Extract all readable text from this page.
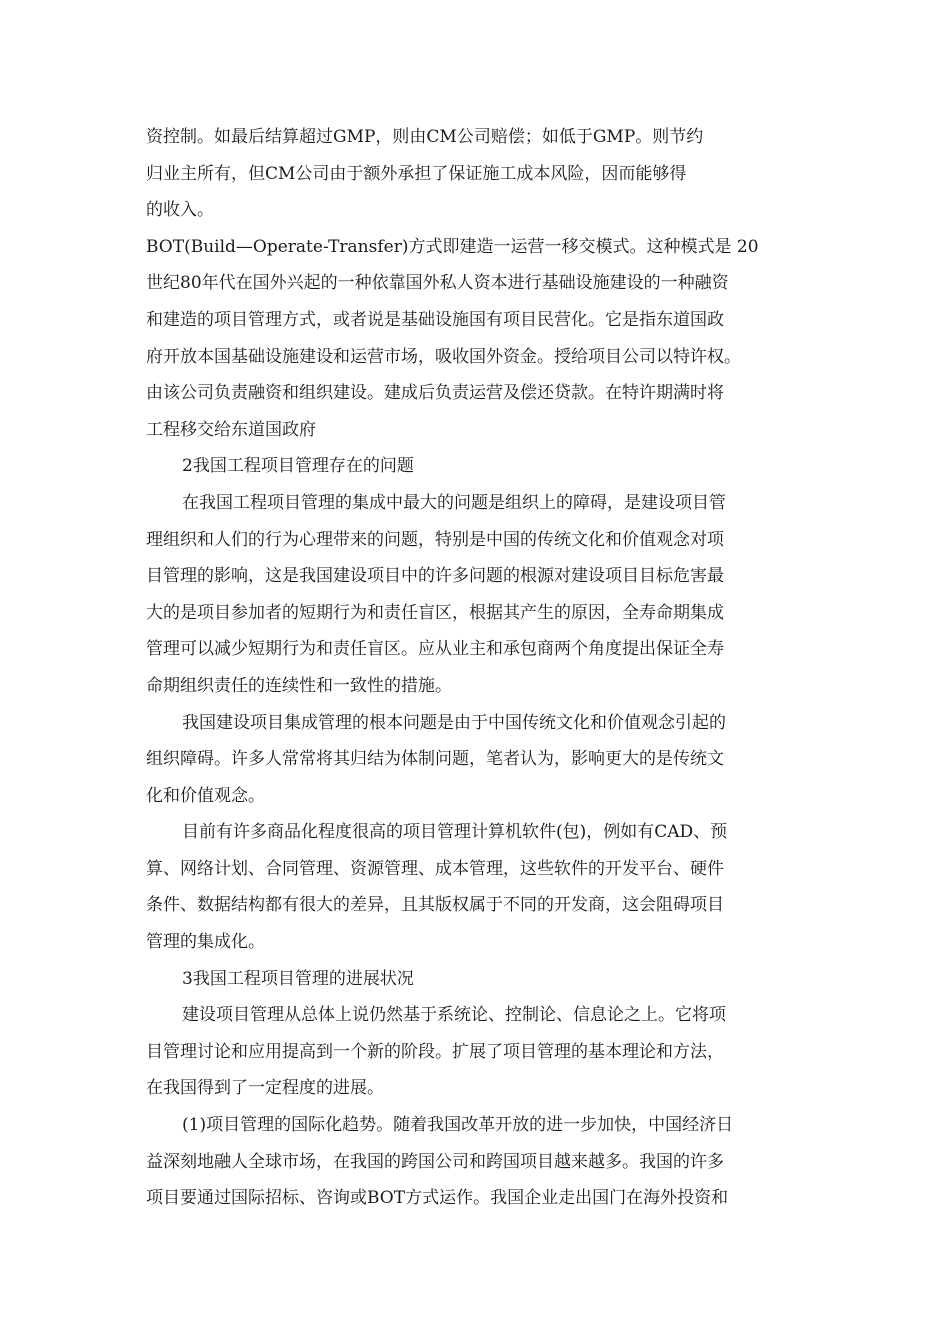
资控制。如最后结算超过GMP，则由CM公司赔偿；如低于GMP。则节约
归业主所有，但CM公司由于额外承担了保证施工成本风险，因而能够得
的收入。
BOT(Build—Operate-Transfer)方式即建造一运营一移交模式。这种模式是 20
世纪80年代在国外兴起的一种依靠国外私人资本进行基础设施建设的一种融资
和建造的项目管理方式，或者说是基础设施国有项目民营化。它是指东道国政
府开放本国基础设施建设和运营市场，吸收国外资金。授给项目公司以特许权。
由该公司负责融资和组织建设。建成后负责运营及偿还贷款。在特许期满时将
工程移交给东道国政府
2我国工程项目管理存在的问题
在我国工程项目管理的集成中最大的问题是组织上的障碍，是建设项目管
理组织和人们的行为心理带来的问题，特别是中国的传统文化和价值观念对项
目管理的影响，这是我国建设项目中的许多问题的根源对建设项目目标危害最
大的是项目参加者的短期行为和责任盲区，根据其产生的原因，全寿命期集成
管理可以减少短期行为和责任盲区。应从业主和承包商两个角度提出保证全寿
命期组织责任的连续性和一致性的措施。
我国建设项目集成管理的根本问题是由于中国传统文化和价值观念引起的
组织障碍。许多人常常将其归结为体制问题，笔者认为，影响更大的是传统文
化和价值观念。
目前有许多商品化程度很高的项目管理计算机软件(包)，例如有CAD、预
算、网络计划、合同管理、资源管理、成本管理，这些软件的开发平台、硬件
条件、数据结构都有很大的差异，且其版权属于不同的开发商，这会阻碍项目
管理的集成化。
3我国工程项目管理的进展状况
建设项目管理从总体上说仍然基于系统论、控制论、信息论之上。它将项
目管理讨论和应用提高到一个新的阶段。扩展了项目管理的基本理论和方法，
在我国得到了一定程度的进展。
(1)项目管理的国际化趋势。随着我国改革开放的进一步加快，中国经济日
益深刻地融人全球市场，在我国的跨国公司和跨国项目越来越多。我国的许多
项目要通过国际招标、咨询或BOT方式运作。我国企业走出国门在海外投资和
